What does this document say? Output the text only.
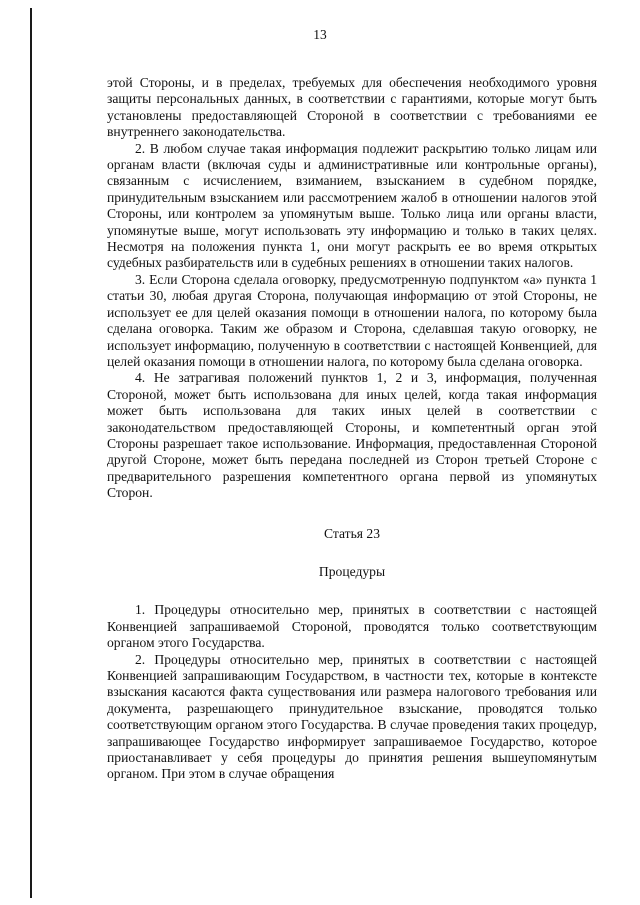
13

этой Стороны, и в пределах, требуемых для обеспечения необходимого уровня защиты персональных данных, в соответствии с гарантиями, которые могут быть установлены предоставляющей Стороной в соответствии с требованиями ее внутреннего законодательства.

2. В любом случае такая информация подлежит раскрытию только лицам или органам власти (включая суды и административные или контрольные органы), связанным с исчислением, взиманием, взысканием в судебном порядке, принудительным взысканием или рассмотрением жалоб в отношении налогов этой Стороны, или контролем за упомянутым выше. Только лица или органы власти, упомянутые выше, могут использовать эту информацию и только в таких целях. Несмотря на положения пункта 1, они могут раскрыть ее во время открытых судебных разбирательств или в судебных решениях в отношении таких налогов.

3. Если Сторона сделала оговорку, предусмотренную подпунктом «а» пункта 1 статьи 30, любая другая Сторона, получающая информацию от этой Стороны, не использует ее для целей оказания помощи в отношении налога, по которому была сделана оговорка. Таким же образом и Сторона, сделавшая такую оговорку, не использует информацию, полученную в соответствии с настоящей Конвенцией, для целей оказания помощи в отношении налога, по которому была сделана оговорка.

4. Не затрагивая положений пунктов 1, 2 и 3, информация, полученная Стороной, может быть использована для иных целей, когда такая информация может быть использована для таких иных целей в соответствии с законодательством предоставляющей Стороны, и компетентный орган этой Стороны разрешает такое использование. Информация, предоставленная Стороной другой Стороне, может быть передана последней из Сторон третьей Стороне с предварительного разрешения компетентного органа первой из упомянутых Сторон.

Статья 23

Процедуры

1. Процедуры относительно мер, принятых в соответствии с настоящей Конвенцией запрашиваемой Стороной, проводятся только соответствующим органом этого Государства.

2. Процедуры относительно мер, принятых в соответствии с настоящей Конвенцией запрашивающим Государством, в частности тех, которые в контексте взыскания касаются факта существования или размера налогового требования или документа, разрешающего принудительное взыскание, проводятся только соответствующим органом этого Государства. В случае проведения таких процедур, запрашивающее Государство информирует запрашиваемое Государство, которое приостанавливает у себя процедуры до принятия решения вышеупомянутым органом. При этом в случае обращения
